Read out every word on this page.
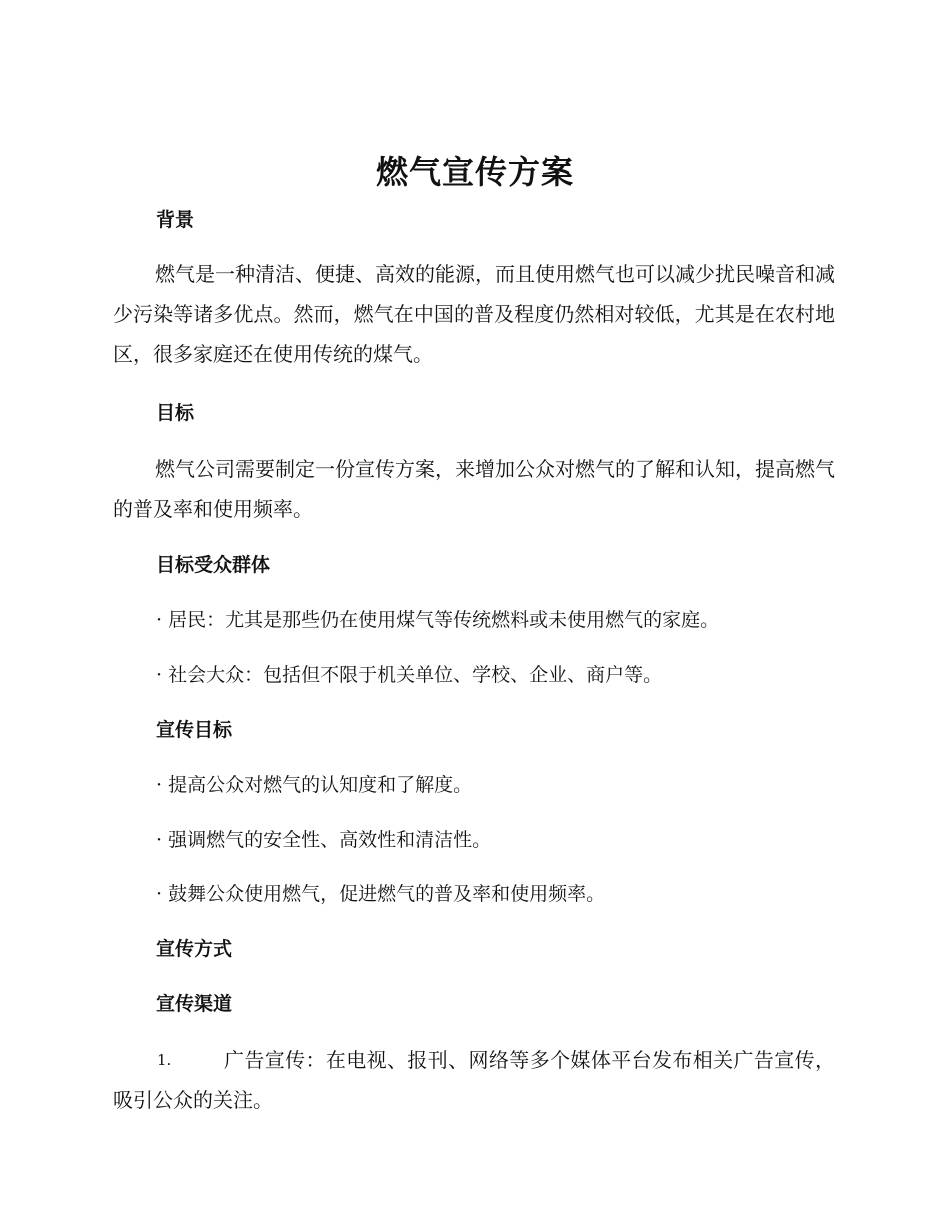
燃气宣传方案
背景
燃气是一种清洁、便捷、高效的能源，而且使用燃气也可以减少扰民噪音和减少污染等诸多优点。然而，燃气在中国的普及程度仍然相对较低，尤其是在农村地区，很多家庭还在使用传统的煤气。
目标
燃气公司需要制定一份宣传方案，来增加公众对燃气的了解和认知，提高燃气的普及率和使用频率。
目标受众群体
· 居民：尤其是那些仍在使用煤气等传统燃料或未使用燃气的家庭。
· 社会大众：包括但不限于机关单位、学校、企业、商户等。
宣传目标
· 提高公众对燃气的认知度和了解度。
· 强调燃气的安全性、高效性和清洁性。
· 鼓舞公众使用燃气，促进燃气的普及率和使用频率。
宣传方式
宣传渠道
1.	广告宣传：在电视、报刊、网络等多个媒体平台发布相关广告宣传，吸引公众的关注。
